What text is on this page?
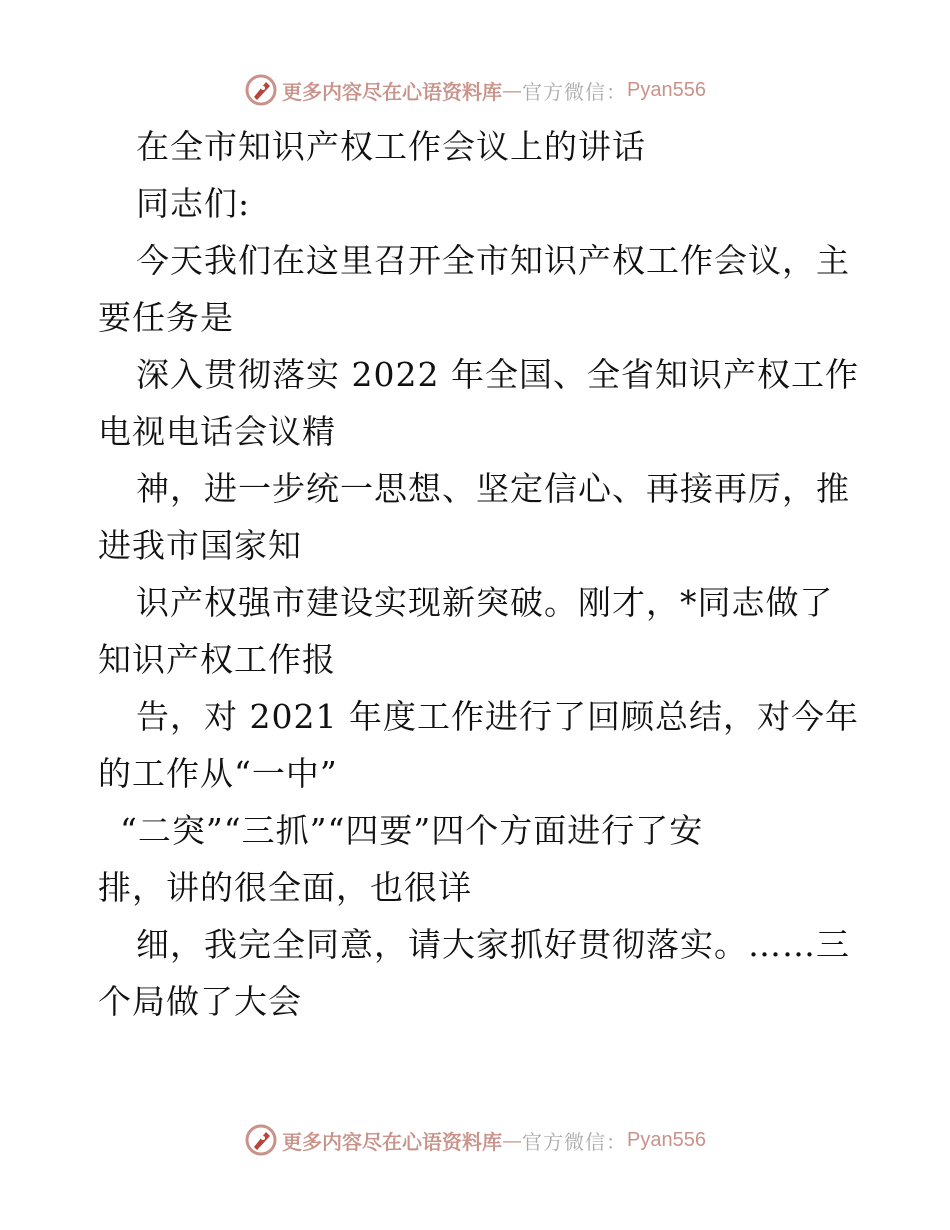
更多内容尽在心语资料库 — 官方微信： Pyan556
在全市知识产权工作会议上的讲话
同志们:
今天我们在这里召开全市知识产权工作会议，主
要任务是
深入贯彻落实 2022 年全国、全省知识产权工作
电视电话会议精
神，进一步统一思想、坚定信心、再接再厉，推
进我市国家知
识产权强市建设实现新突破。刚才，*同志做了
知识产权工作报
告，对 2021 年度工作进行了回顾总结，对今年
的工作从“一中”
“二突”“三抓”“四要”四个方面进行了安
排，讲的很全面，也很详
细，我完全同意，请大家抓好贯彻落实。……三
个局做了大会
更多内容尽在心语资料库 — 官方微信： Pyan556
